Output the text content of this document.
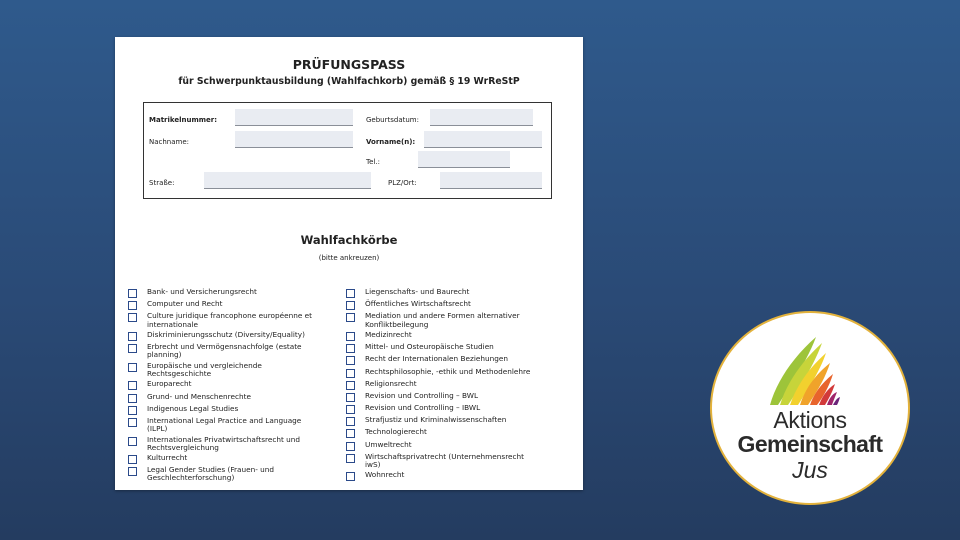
PRÜFUNGSPASS
für Schwerpunktausbildung (Wahlfachkorb) gemäß § 19 WrReStP
Matrikelnummer:	Geburtsdatum:
Nachname:	Vorname(n):
Tel.:
Straße:	PLZ/Ort:
Wahlfachkörbe
(bitte ankreuzen)
Bank- und Versicherungsrecht
Computer und Recht
Culture juridique francophone européenne et internationale
Diskriminierungsschutz (Diversity/Equality)
Erbrecht und Vermögensnachfolge (estate planning)
Europäische und vergleichende Rechtsgeschichte
Europarecht
Grund- und Menschenrechte
Indigenous Legal Studies
International Legal Practice and Language (ILPL)
Internationales Privatwirtschaftsrecht und Rechtsvergleichung
Kulturrecht
Legal Gender Studies (Frauen- und Geschlechterforschung)
Liegenschafts- und Baurecht
Öffentliches Wirtschaftsrecht
Mediation und andere Formen alternativer Konfliktbeilegung
Medizinrecht
Mittel- und Osteuropäische Studien
Recht der Internationalen Beziehungen
Rechtsphilosophie, -ethik und Methodenlehre
Religionsrecht
Revision und Controlling – BWL
Revision und Controlling – IBWL
Strafjustiz und Kriminalwissenschaften
Technologierecht
Umweltrecht
Wirtschaftsprivatrecht (Unternehmensrecht iwS)
Wohnrecht
Aktions
Gemeinschaft
Jus
